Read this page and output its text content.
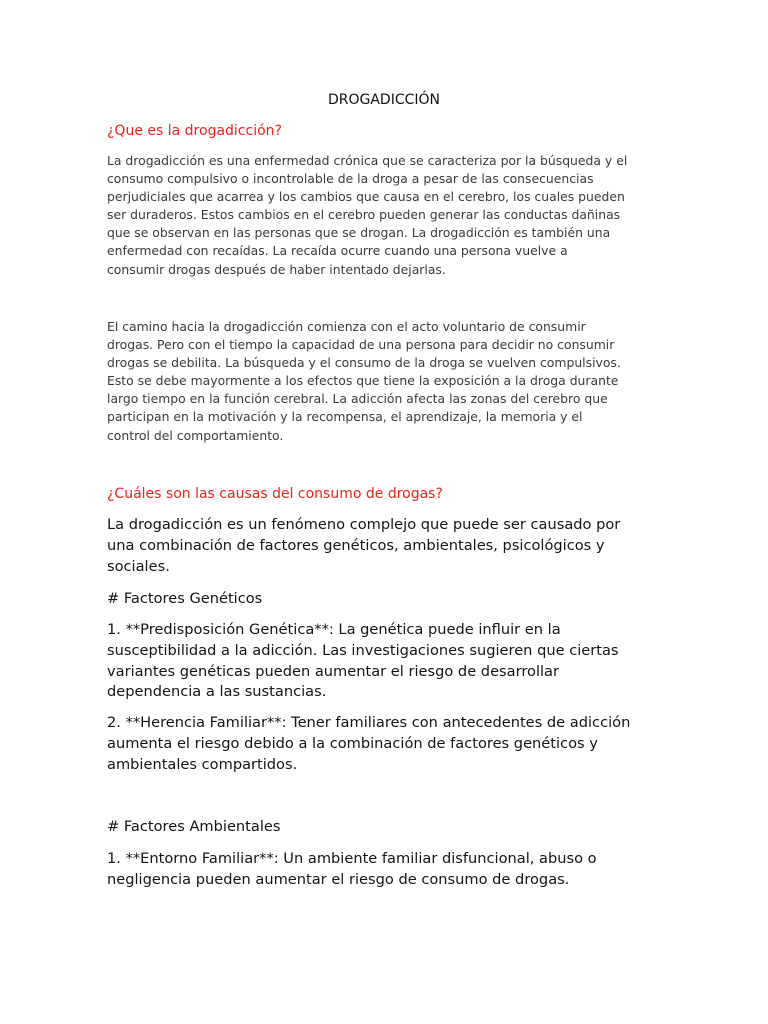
DROGADICCIÓN
¿Que es la drogadicción?
La drogadicción es una enfermedad crónica que se caracteriza por la búsqueda y el
consumo compulsivo o incontrolable de la droga a pesar de las consecuencias
perjudiciales que acarrea y los cambios que causa en el cerebro, los cuales pueden
ser duraderos. Estos cambios en el cerebro pueden generar las conductas dañinas
que se observan en las personas que se drogan. La drogadicción es también una
enfermedad con recaídas. La recaída ocurre cuando una persona vuelve a
consumir drogas después de haber intentado dejarlas.
El camino hacia la drogadicción comienza con el acto voluntario de consumir
drogas. Pero con el tiempo la capacidad de una persona para decidir no consumir
drogas se debilita. La búsqueda y el consumo de la droga se vuelven compulsivos.
Esto se debe mayormente a los efectos que tiene la exposición a la droga durante
largo tiempo en la función cerebral. La adicción afecta las zonas del cerebro que
participan en la motivación y la recompensa, el aprendizaje, la memoria y el
control del comportamiento.
¿Cuáles son las causas del consumo de drogas?
La drogadicción es un fenómeno complejo que puede ser causado por
una combinación de factores genéticos, ambientales, psicológicos y
sociales.
# Factores Genéticos
1. **Predisposición Genética**: La genética puede influir en la
susceptibilidad a la adicción. Las investigaciones sugieren que ciertas
variantes genéticas pueden aumentar el riesgo de desarrollar
dependencia a las sustancias.
2. **Herencia Familiar**: Tener familiares con antecedentes de adicción
aumenta el riesgo debido a la combinación de factores genéticos y
ambientales compartidos.
# Factores Ambientales
1. **Entorno Familiar**: Un ambiente familiar disfuncional, abuso o
negligencia pueden aumentar el riesgo de consumo de drogas.
